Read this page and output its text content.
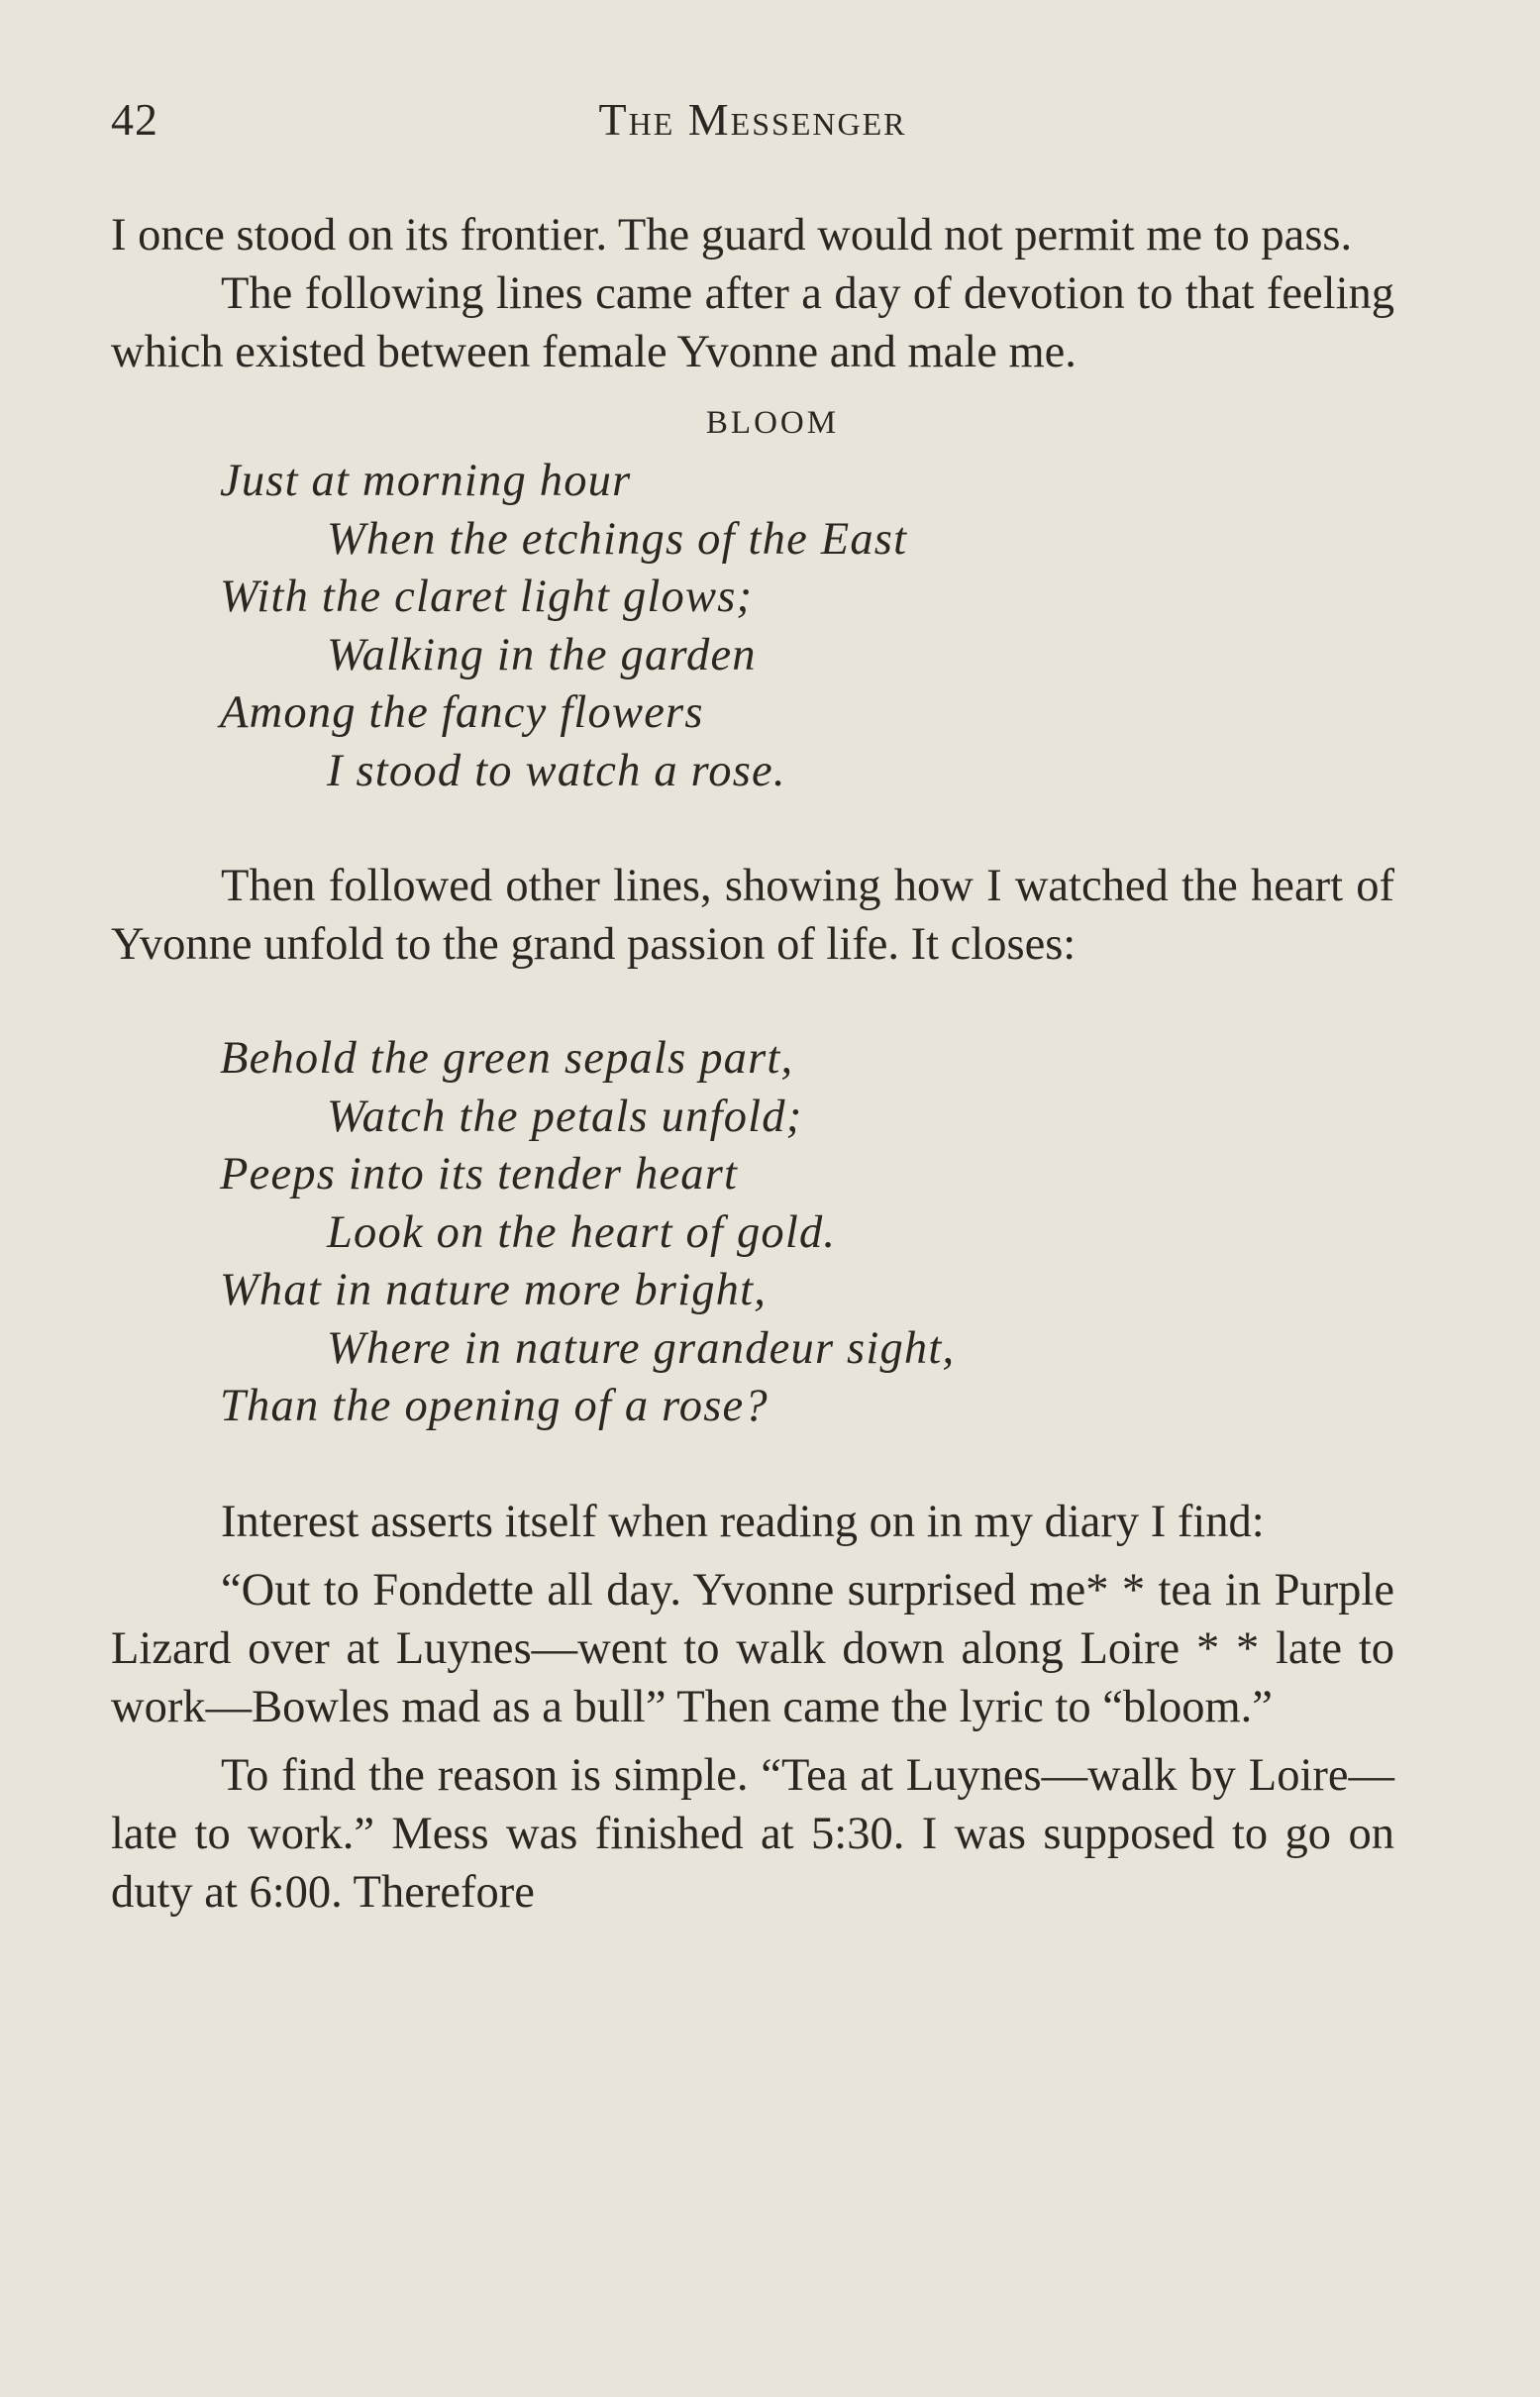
42	The Messenger

I once stood on its frontier. The guard would not permit me to pass.

The following lines came after a day of devotion to that feeling which existed between female Yvonne and male me.

BLOOM
Just at morning hour
When the etchings of the East
With the claret light glows;
Walking in the garden
Among the fancy flowers
I stood to watch a rose.

Then followed other lines, showing how I watched the heart of Yvonne unfold to the grand passion of life. It closes:

Behold the green sepals part,
Watch the petals unfold;
Peeps into its tender heart
Look on the heart of gold.
What in nature more bright,
Where in nature grandeur sight,
Than the opening of a rose?

Interest asserts itself when reading on in my diary I find:

“Out to Fondette all day. Yvonne surprised me* * tea in Purple Lizard over at Luynes—went to walk down along Loire * * late to work—Bowles mad as a bull” Then came the lyric to “bloom.”

To find the reason is simple. “Tea at Luynes—walk by Loire—late to work.” Mess was finished at 5:30. I was supposed to go on duty at 6:00. Therefore
